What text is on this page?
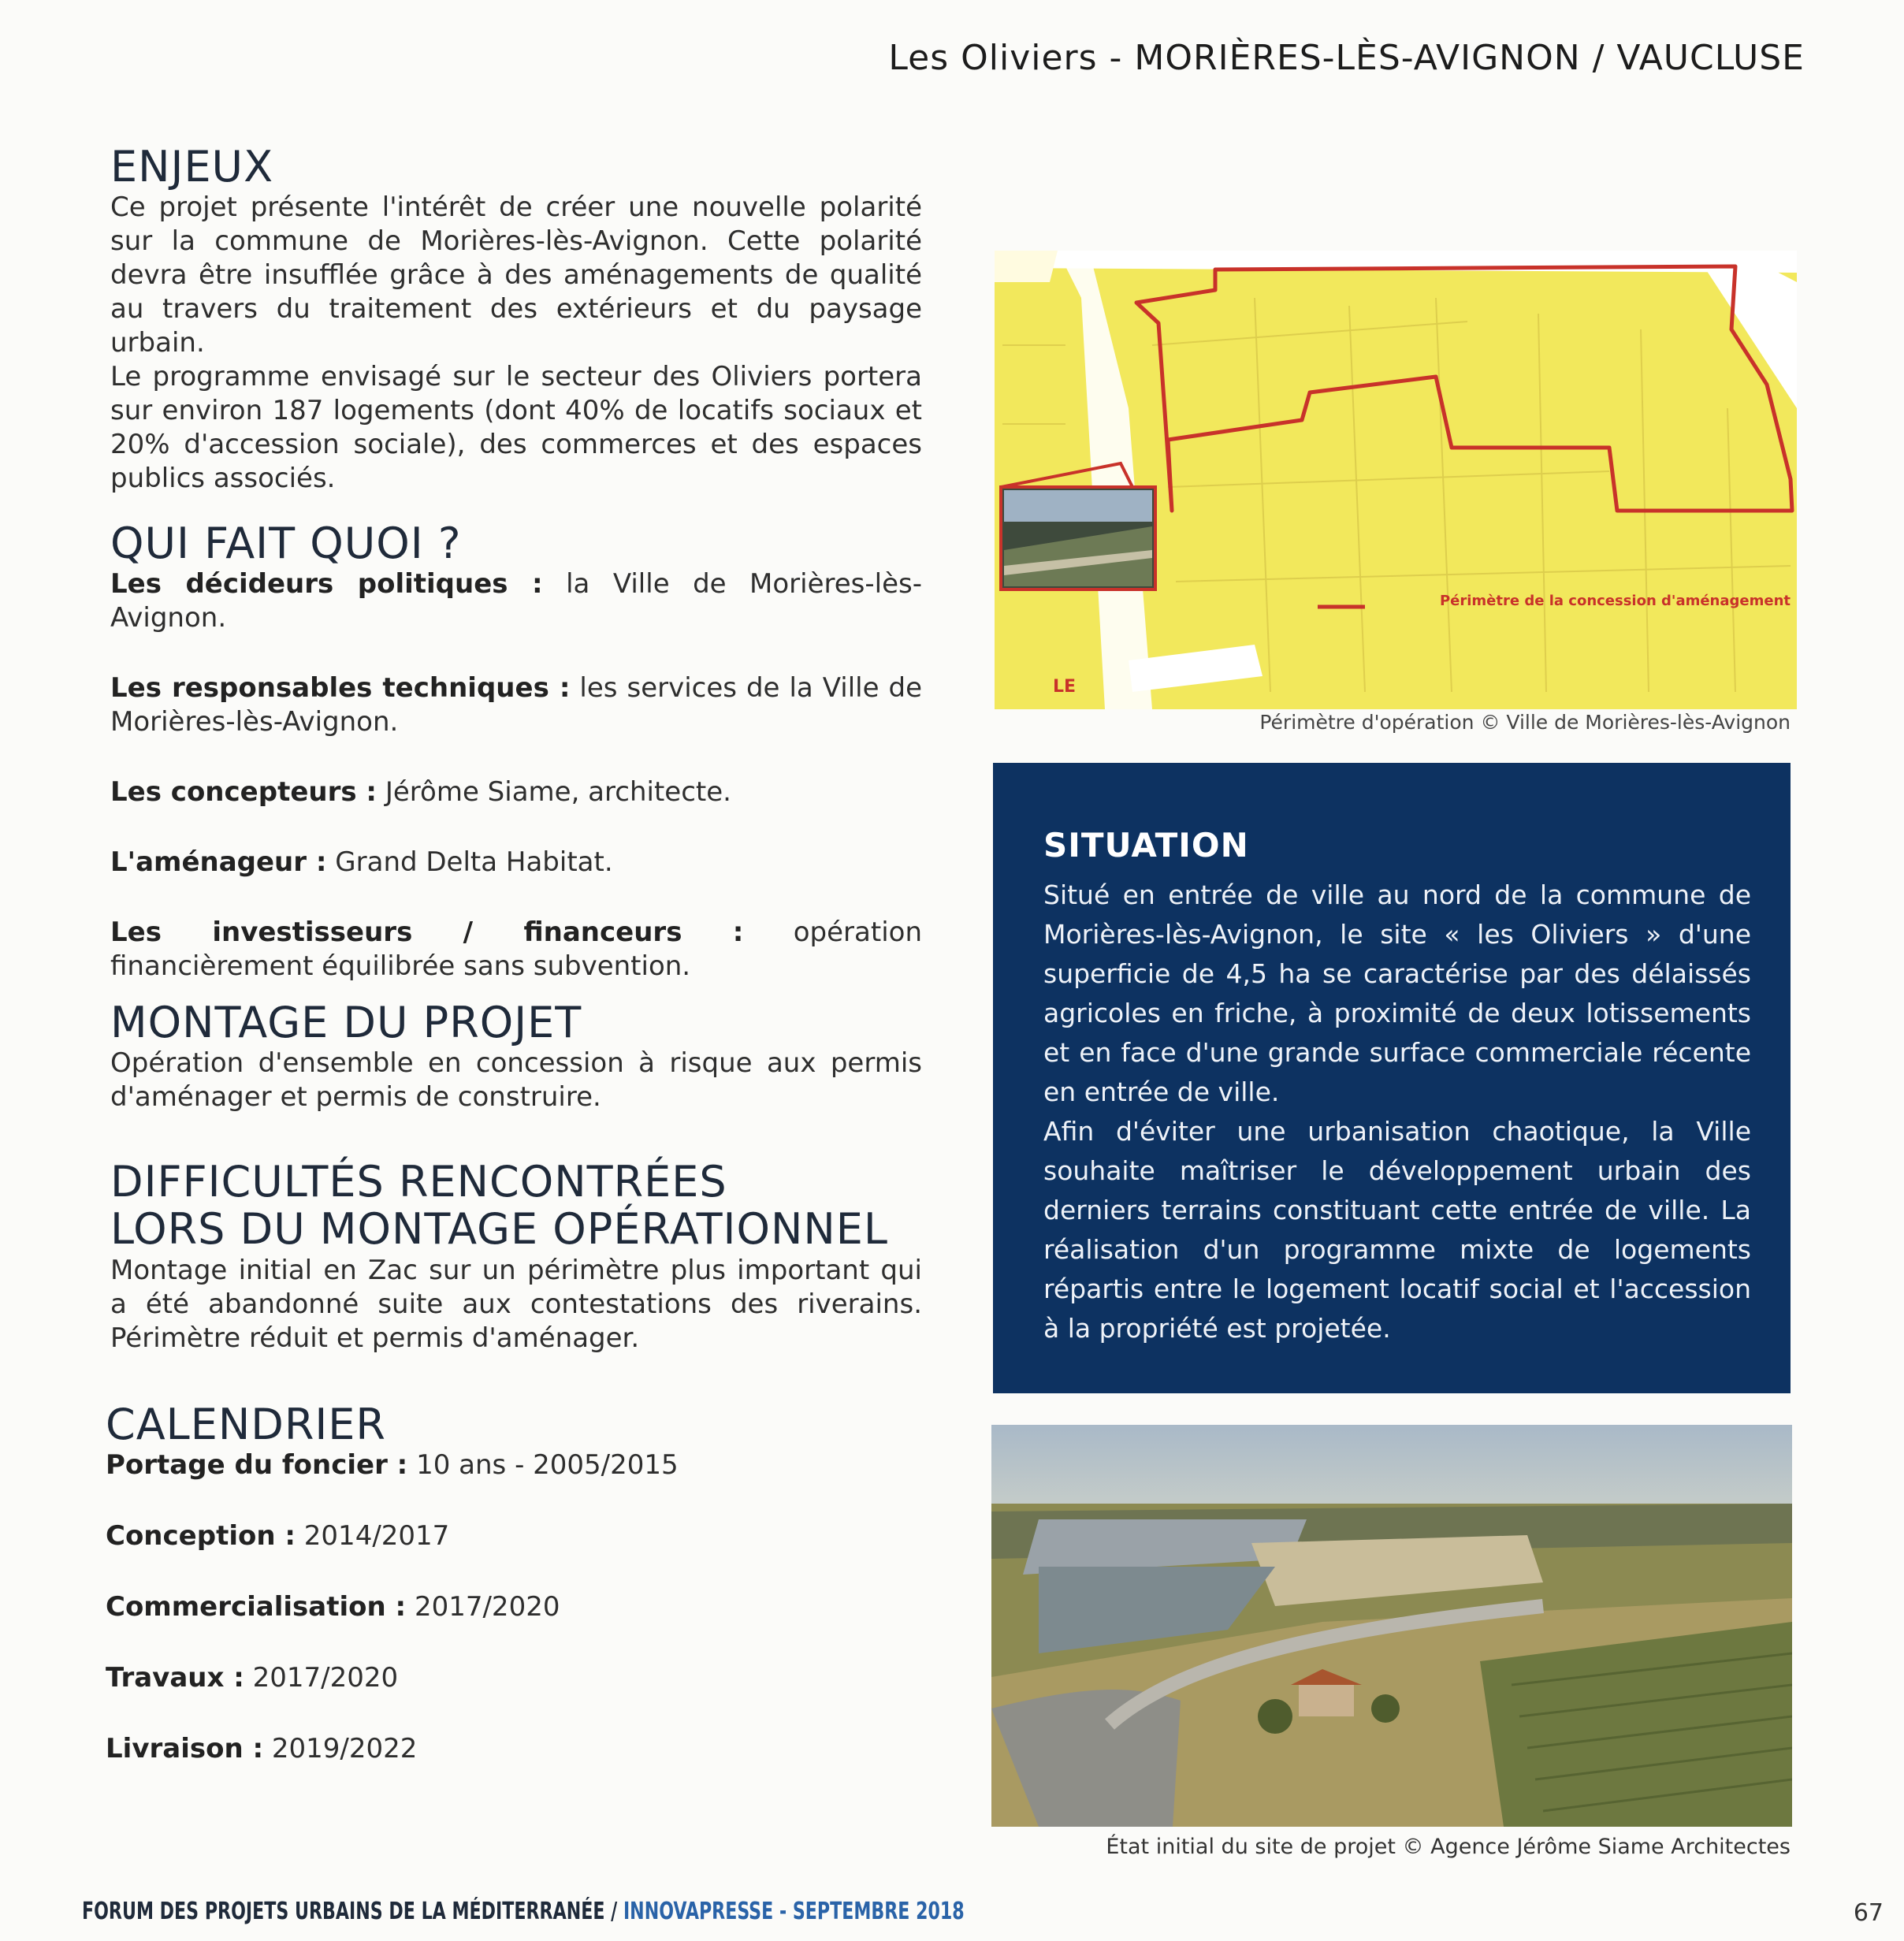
Les Oliviers - MORIÈRES-LÈS-AVIGNON / VAUCLUSE
ENJEUX

Ce projet présente l'intérêt de créer une nouvelle polarité sur la commune de Morières-lès-Avignon. Cette polarité devra être insufflée grâce à des aménagements de qualité au travers du traitement des extérieurs et du paysage urbain.

Le programme envisagé sur le secteur des Oliviers portera sur environ 187 logements (dont 40% de locatifs sociaux et 20% d'accession sociale), des commerces et des espaces publics associés.

QUI FAIT QUOI ?

Les décideurs politiques : la Ville de Morières-lès-Avignon.

Les responsables techniques : les services de la Ville de Morières-lès-Avignon.

Les concepteurs : Jérôme Siame, architecte.

L'aménageur : Grand Delta Habitat.

Les investisseurs / financeurs : opération financièrement équilibrée sans subvention.

MONTAGE DU PROJET

Opération d'ensemble en concession à risque aux permis d'aménager et permis de construire.

DIFFICULTÉS RENCONTRÉES
LORS DU MONTAGE OPÉRATIONNEL

Montage initial en Zac sur un périmètre plus important qui a été abandonné suite aux contestations des riverains. Périmètre réduit et permis d'aménager.

CALENDRIER

Portage du foncier : 10 ans - 2005/2015

Conception : 2014/2017

Commercialisation : 2017/2020

Travaux : 2017/2020

Livraison : 2019/2022

Périmètre de la concession d'aménagement
LE
Périmètre d'opération © Ville de Morières-lès-Avignon
SITUATION

Situé en entrée de ville au nord de la commune de Morières-lès-Avignon, le site « les Oliviers » d'une superficie de 4,5 ha se caractérise par des délaissés agricoles en friche, à proximité de deux lotissements et en face d'une grande surface commerciale récente en entrée de ville.

Afin d'éviter une urbanisation chaotique, la Ville souhaite maîtriser le développement urbain des derniers terrains constituant cette entrée de ville. La réalisation d'un programme mixte de logements répartis entre le logement locatif social et l'accession à la propriété est projetée.

État initial du site de projet © Agence Jérôme Siame Architectes
FORUM DES PROJETS URBAINS DE LA MÉDITERRANÉE / INNOVAPRESSE - SEPTEMBRE 2018	67
